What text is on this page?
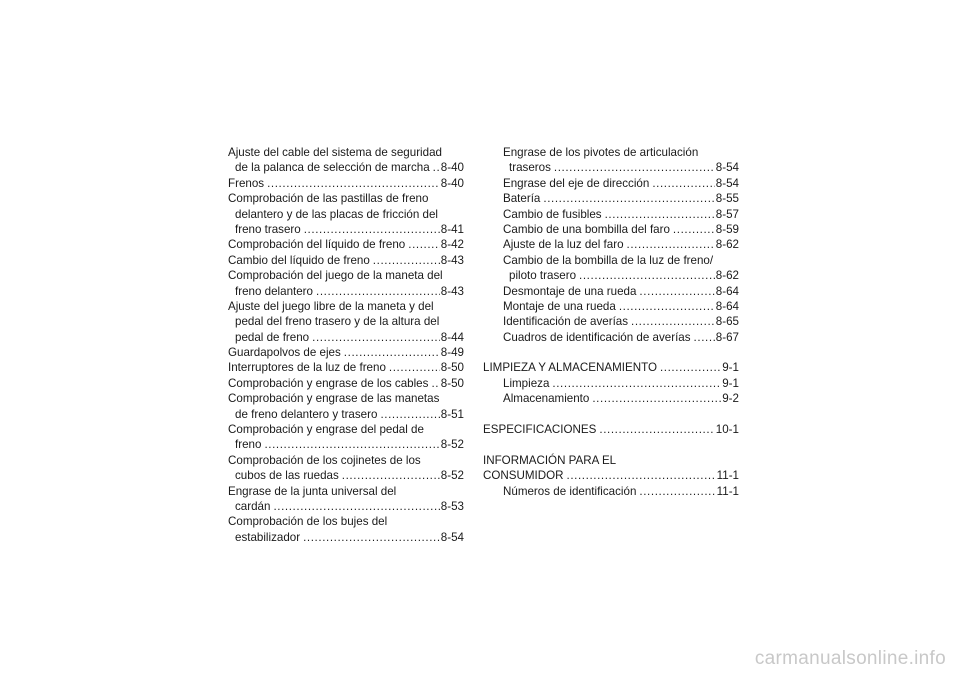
Ajuste del cable del sistema de seguridad
de la palanca de selección de marcha ..... 8-40
Frenos .....	8-40
Comprobación de las pastillas de freno
delantero y de las placas de fricción del
freno trasero .....	8-41
Comprobación del líquido de freno .....	8-42
Cambio del líquido de freno .....	8-43
Comprobación del juego de la maneta del
freno delantero .....	8-43
Ajuste del juego libre de la maneta y del
pedal del freno trasero y de la altura del
pedal de freno .....	8-44
Guardapolvos de ejes .....	8-49
Interruptores de la luz de freno .....	8-50
Comprobación y engrase de los cables ..... 8-50
Comprobación y engrase de las manetas
de freno delantero y trasero .....	8-51
Comprobación y engrase del pedal de
freno .....	8-52
Comprobación de los cojinetes de los
cubos de las ruedas .....	8-52
Engrase de la junta universal del
cardán .....	8-53
Comprobación de los bujes del
estabilizador .....	8-54
Engrase de los pivotes de articulación
traseros .....	8-54
Engrase del eje de dirección .....	8-54
Batería .....	8-55
Cambio de fusibles .....	8-57
Cambio de una bombilla del faro .....	8-59
Ajuste de la luz del faro .....	8-62
Cambio de la bombilla de la luz de freno/
piloto trasero .....	8-62
Desmontaje de una rueda .....	8-64
Montaje de una rueda .....	8-64
Identificación de averías .....	8-65
Cuadros de identificación de averías ..... 8-67
LIMPIEZA Y ALMACENAMIENTO .....	9-1
Limpieza .....	9-1
Almacenamiento .....	9-2
ESPECIFICACIONES .....	10-1
INFORMACIÓN PARA EL
CONSUMIDOR .....	11-1
Números de identificación .....	11-1
carmanualsonline.info
